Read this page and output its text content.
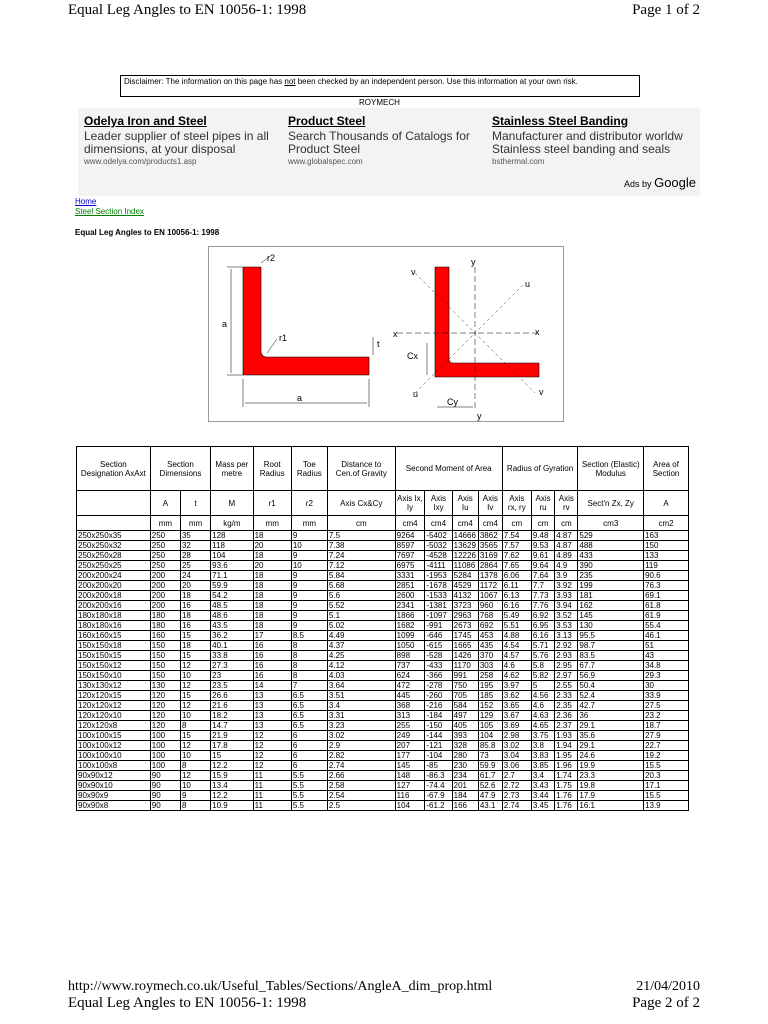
Equal Leg Angles to EN 10056-1: 1998	Page 1 of 2
Disclaimer: The information on this page has not been checked by an independent person. Use this information at your own risk.
ROYMECH
Odelya Iron and Steel
Leader supplier of steel pipes in all dimensions, at your disposal
www.odelya.com/products1.asp
Product Steel
Search Thousands of Catalogs for Product Steel
www.globalspec.com
Stainless Steel Banding
Manufacturer and distributor worldw Stainless steel banding and seals
bsthermal.com
Ads by Google
Home
Steel Section Index
Equal Leg Angles to EN 10056-1: 1998
r2
r1
a
a
t
v
y
u
x	x
Cx
u
Cy
v
y
Section Designation AxAxt	Section Dimensions		Mass per metre	Root Radius	Toe Radius	Distance to Cen.of Gravity	Second Moment of Area				Radius of Gyration			Section (Elastic) Modulus	Area of Section
	A	t	M	r1	r2	Axis Cx&Cy	Axis Ix, Iy	Axis Ixy	Axis Iu	Axis Iv	Axis rx, ry	Axis ru	Axis rv	Sect'n Zx, Zy	A
	mm	mm	kg/m	mm	mm	cm	cm4	cm4	cm4	cm4	cm	cm	cm	cm3	cm2
250x250x35	250	35	128	18	9	7.5	9264	-5402	14666	3862	7.54	9.48	4.87	529	163
250x250x32	250	32	118	20	10	7.38	8597	-5032	13629	3565	7.57	9.53	4.87	488	150
250x250x28	250	28	104	18	9	7.24	7697	-4528	12226	3169	7.62	9.61	4.89	433	133
250x250x25	250	25	93.6	20	10	7.12	6975	-4111	11086	2864	7.65	9.64	4.9	390	119
200x200x24	200	24	71.1	18	9	5.84	3331	-1953	5284	1378	6.06	7.64	3.9	235	90.6
200x200x20	200	20	59.9	18	9	5.68	2851	-1678	4529	1172	6.11	7.7	3.92	199	76.3
200x200x18	200	18	54.2	18	9	5.6	2600	-1533	4132	1067	6.13	7.73	3.93	181	69.1
200x200x16	200	16	48.5	18	9	5.52	2341	-1381	3723	960	6.16	7.76	3.94	162	61.8
180x180x18	180	18	48.6	18	9	5.1	1866	-1097	2963	768	5.49	6.92	3.52	145	61.9
180x180x16	180	16	43.5	18	9	5.02	1682	-991	2673	692	5.51	6.95	3.53	130	55.4
160x160x15	160	15	36.2	17	8.5	4.49	1099	-646	1745	453	4.88	6.16	3.13	95.5	46.1
150x150x18	150	18	40.1	16	8	4.37	1050	-615	1665	435	4.54	5.71	2.92	98.7	51
150x150x15	150	15	33.8	16	8	4.25	898	-528	1426	370	4.57	5.76	2.93	83.5	43
150x150x12	150	12	27.3	16	8	4.12	737	-433	1170	303	4.6	5.8	2.95	67.7	34.8
150x150x10	150	10	23	16	8	4.03	624	-366	991	258	4.62	5.82	2.97	56.9	29.3
130x130x12	130	12	23.5	14	7	3.64	472	-278	750	195	3.97	5	2.55	50.4	30
120x120x15	120	15	26.6	13	6.5	3.51	445	-260	705	185	3.62	4.56	2.33	52.4	33.9
120x120x12	120	12	21.6	13	6.5	3.4	368	-216	584	152	3.65	4.6	2.35	42.7	27.5
120x120x10	120	10	18.2	13	6.5	3.31	313	-184	497	129	3.67	4.63	2.36	36	23.2
120x120x8	120	8	14.7	13	6.5	3.23	255	-150	405	105	3.69	4.65	2.37	29.1	18.7
100x100x15	100	15	21.9	12	6	3.02	249	-144	393	104	2.98	3.75	1.93	35.6	27.9
100x100x12	100	12	17.8	12	6	2.9	207	-121	328	85.8	3.02	3.8	1.94	29.1	22.7
100x100x10	100	10	15	12	6	2.82	177	-104	280	73	3.04	3.83	1.95	24.6	19.2
100x100x8	100	8	12.2	12	6	2.74	145	-85	230	59.9	3.06	3.85	1.96	19.9	15.5
90x90x12	90	12	15.9	11	5.5	2.66	148	-86.3	234	61.7	2.7	3.4	1.74	23.3	20.3
90x90x10	90	10	13.4	11	5.5	2.58	127	-74.4	201	52.6	2.72	3.43	1.75	19.8	17.1
90x90x9	90	9	12.2	11	5.5	2.54	116	-67.9	184	47.9	2.73	3.44	1.76	17.9	15.5
90x90x8	90	8	10.9	11	5.5	2.5	104	-61.2	166	43.1	2.74	3.45	1.76	16.1	13.9
http://www.roymech.co.uk/Useful_Tables/Sections/AngleA_dim_prop.html	21/04/2010
Equal Leg Angles to EN 10056-1: 1998	Page 2 of 2
